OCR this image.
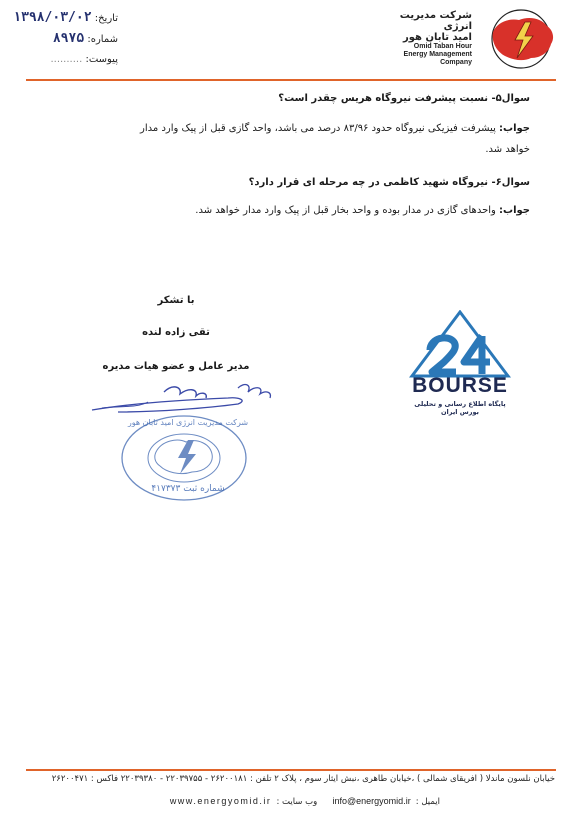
تاریخ: ۱۳۹۸/۰۳/۰۲
شماره: ۸۹۷۵
پیوست: ..........
شرکت مدیریت انرژی
امید تابان هور
Omid Taban Hour
Energy Management
Company
سوال۵- نسبت پیشرفت نیروگاه هریس چقدر است؟
جواب: پیشرفت فیزیکی نیروگاه حدود ۸۳/۹۶ درصد می باشد، واحد گازی قبل از پیک وارد مدار
خواهد شد.
سوال۶- نیروگاه شهید کاظمی در چه مرحله ای قرار دارد؟
جواب: واحدهای گازی در مدار بوده و واحد بخار قبل از پیک وارد مدار خواهد شد.
با تشکر
تقی زاده لنده
مدیر عامل و عضو هیات مدیره
شرکت مدیریت انرژی امید تابان هور
شماره ثبت ۴۱۷۳۷۳
BOURSE
پایگاه اطلاع رسانی و تحلیلی بورس ایران
خیابان نلسون ماندلا ( افریقای شمالی ) ،خیابان طاهری ،نبش ایثار سوم ، پلاک ۲ تلفن : ۲۶۲۰۰۱۸۱ - ۲۲۰۳۹۷۵۵ - ۲۲۰۳۹۳۸۰ فاکس : ۲۶۲۰۰۴۷۱
ایمیل : info@energyomid.ir   وب سایت : www.energyomid.ir
